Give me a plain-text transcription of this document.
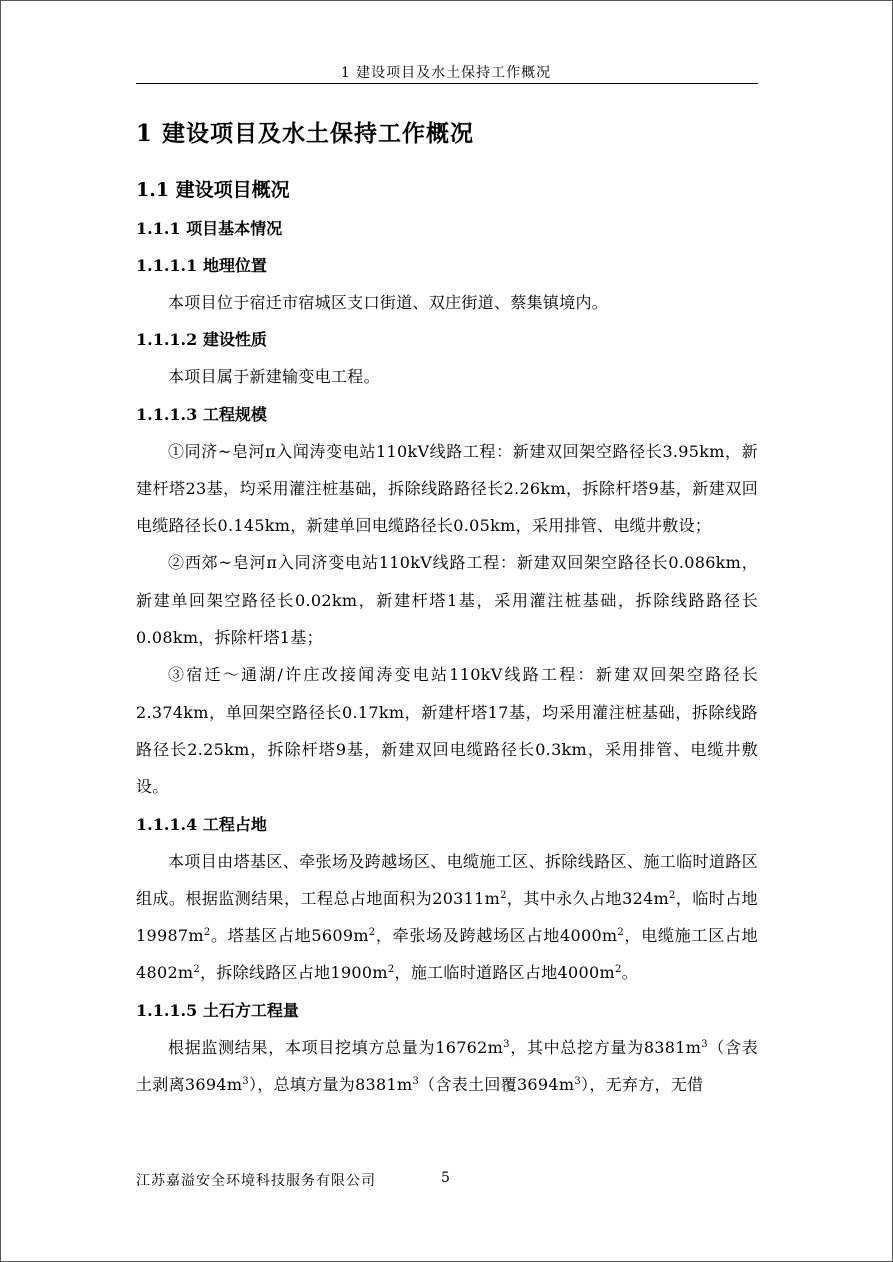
1 建设项目及水土保持工作概况
1 建设项目及水土保持工作概况
1.1 建设项目概况
1.1.1 项目基本情况
1.1.1.1 地理位置

本项目位于宿迁市宿城区支口街道、双庄街道、蔡集镇境内。

1.1.1.2 建设性质

本项目属于新建输变电工程。

1.1.1.3 工程规模

①同济~皂河π入闻涛变电站110kV线路工程：新建双回架空路径长3.95km，新建杆塔23基，均采用灌注桩基础，拆除线路路径长2.26km，拆除杆塔9基，新建双回电缆路径长0.145km，新建单回电缆路径长0.05km，采用排管、电缆井敷设；

②西郊~皂河π入同济变电站110kV线路工程：新建双回架空路径长0.086km，新建单回架空路径长0.02km，新建杆塔1基，采用灌注桩基础，拆除线路路径长0.08km，拆除杆塔1基；

③宿迁～通湖/许庄改接闻涛变电站110kV线路工程：新建双回架空路径长2.374km，单回架空路径长0.17km，新建杆塔17基，均采用灌注桩基础，拆除线路路径长2.25km，拆除杆塔9基，新建双回电缆路径长0.3km，采用排管、电缆井敷设。

1.1.1.4 工程占地

本项目由塔基区、牵张场及跨越场区、电缆施工区、拆除线路区、施工临时道路区组成。根据监测结果，工程总占地面积为$20311m^2$，其中永久占地$324m^2$，临时占地$19987m^2$。塔基区占地$5609m^2$，牵张场及跨越场区占地$4000m^2$，电缆施工区占地$4802m^2$，拆除线路区占地$1900m^2$，施工临时道路区占地$4000m^2$。

1.1.1.5 土石方工程量

根据监测结果，本项目挖填方总量为$16762m^3$，其中总挖方量为$8381m^3$（含表土剥离$3694m^3$），总填方量为$8381m^3$（含表土回覆$3694m^3$），无弃方，无借

江苏嘉溢安全环境科技服务有限公司	5
